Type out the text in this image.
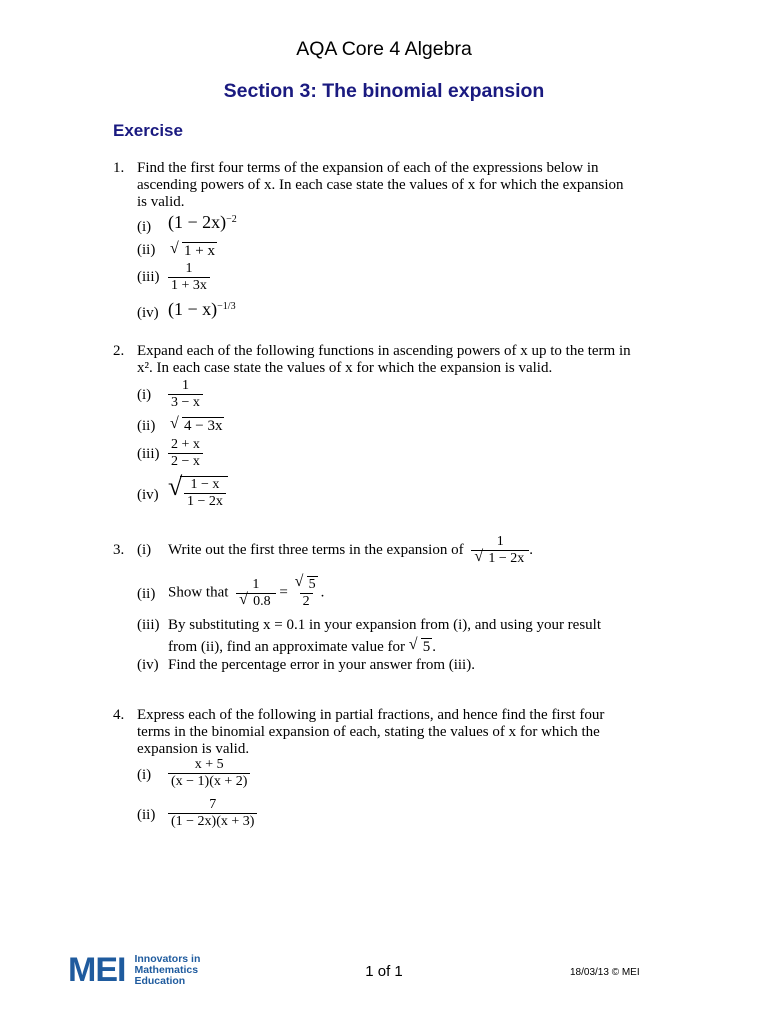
AQA Core 4 Algebra
Section 3: The binomial expansion
Exercise
1. Find the first four terms of the expansion of each of the expressions below in ascending powers of x. In each case state the values of x for which the expansion is valid.
(i) $(1 - 2x)^{-2}$
(ii) √ 1 + x
$(iii) \frac{1}{1 + 3x}$
(iv) $(1 - x)^{-1/3}$
2. Expand each of the following functions in ascending powers of x up to the term in x². In each case state the values of x for which the expansion is valid.
$(i) \frac{1}{3 - x}$
(ii) √ 4 − 3x
$(iii) \frac{2 + x}{2 - x}$
(iv) √ $\frac{1 - x}{1 - 2x}$
3. (i) Write out the first three terms in the expansion of $\frac{1}{√ 1 - 2x}$ .
(ii) Show that $\frac{1}{√ 0.8} = \frac{√ 5}{2}$ .
(iii) By substituting x = 0.1 in your expansion from (i), and using your result
from (ii), find an approximate value for √ 5 .
(iv) Find the percentage error in your answer from (iii).
4. Express each of the following in partial fractions, and hence find the first four terms in the binomial expansion of each, stating the values of x for which the expansion is valid.
$(i) \frac{x + 5}{(x - 1)(x + 2)}$
$(ii) \frac{7}{(1 - 2x)(x + 3)}$
MEI Innovators in
Mathematics
Education
1 of 1	18/03/13 © MEI
